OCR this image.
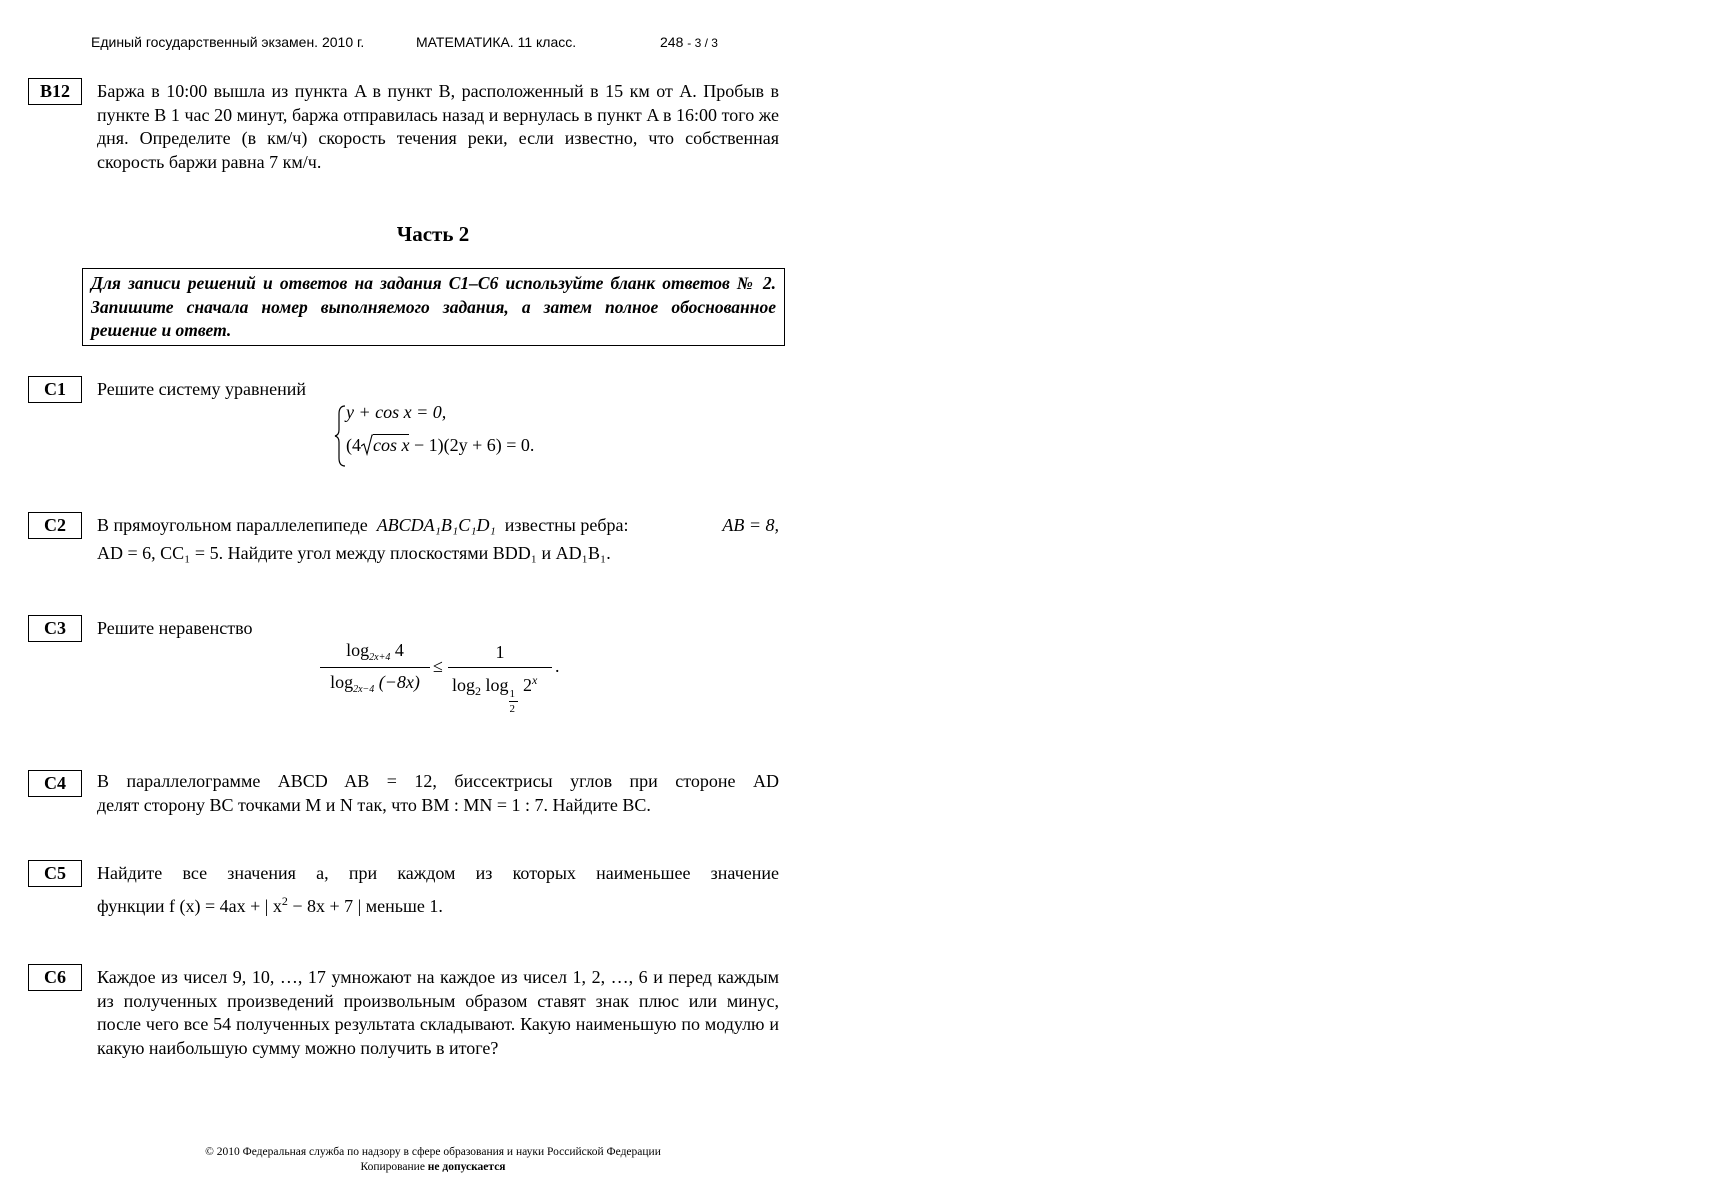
Единый государственный экзамен. 2010 г.	МАТЕМАТИКА. 11 класс.	248 - 3 / 3
B12	Баржа в 10:00 вышла из пункта A в пункт B, расположенный в 15 км от A. Пробыв в пункте B 1 час 20 минут, баржа отправилась назад и вернулась в пункт A в 16:00 того же дня. Определите (в км/ч) скорость течения реки, если известно, что собственная скорость баржи равна 7 км/ч.
Часть 2
Для записи решений и ответов на задания C1–C6 используйте бланк ответов № 2. Запишите сначала номер выполняемого задания, а затем полное обоснованное решение и ответ.
C1	Решите систему уравнений
y + cos x = 0,
(4 cos x − 1)(2y + 6) = 0.
C2	В прямоугольном параллелепипеде ABCDA₁B₁C₁D₁ известны ребра:	AB = 8,
AD = 6, CC₁ = 5. Найдите угол между плоскостями BDD₁ и AD₁B₁.
C3	Решите неравенство
$\log_{2x+4} 4$
$\log_{2x-4} (-8x)$
≤
1
$\log_2 \log \frac{1}{2} 2^x$
.
C4	В параллелограмме ABCD AB = 12, биссектрисы углов при стороне AD
делят сторону BC точками M и N так, что BM : MN = 1 : 7. Найдите BC.
C5	Найдите все значения a, при каждом из которых наименьшее значение
функции f (x) = 4ax + | $x^2 - 8x + 7$ | меньше 1.
C6	Каждое из чисел 9, 10, …, 17 умножают на каждое из чисел 1, 2, …, 6 и перед каждым из полученных произведений произвольным образом ставят знак плюс или минус, после чего все 54 полученных результата складывают. Какую наименьшую по модулю и какую наибольшую сумму можно получить в итоге?
© 2010 Федеральная служба по надзору в сфере образования и науки Российской Федерации
Копирование не допускается
